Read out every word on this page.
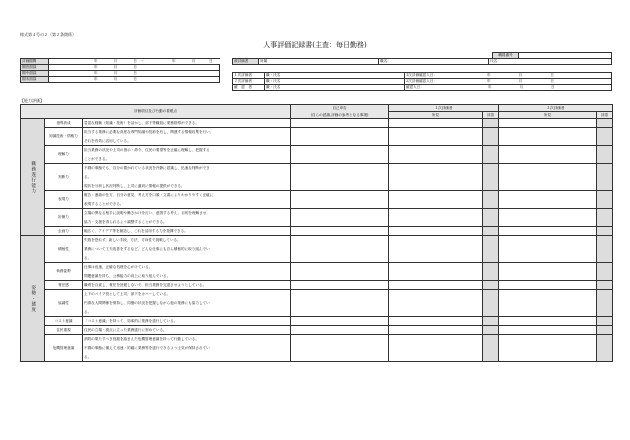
様式第４号の２（第２条関係）
人事評価記録書(主査：毎日勤務)
職員番号	
評価期間	年 月 日　～ 年 月 日
期首面談	年 月 日
期中面談	年 月 日
期末面談	年 月 日
被評価者	所属：	職名：	氏名：
１次評価者	職・氏名	1次評価確認入日： 年 月 日
２次評価者	職・氏名	2次評価確認入日： 年 月 日
確　認　者	職・氏名	確認入日： 年 月 日
【能力評価】
評価項目及び行動の着眼点			自己申告	１次評価者		２次評価者	
			(自らの認識,評価の参考となる事項)	所見	評語	所見	評語
職務遂行能力	指導育成	豊富な経験（知識・技術）を活かし、部下等職員に業務指導ができる。					
	知識技術・情報力	担当する業務に必要な高度な専門知識や技術を有し、関連する情報収集を行い、					
		それを有効に活用している。					
	理解力	担当業務の状況や上司の指示・命令、住民の要望等を正確に理解し、把握する					
		ことができる。					
	判断力	不測の事態でも、自分の置かれている状況を冷静に認識し、迅速な判断ができ					
		る。					
		現状を分析し状況判断し、上司に適切に情報の提供ができる。					
	表現力	報告・連絡の仕方、自分の意見、考え方を口頭・文書によりわかりやすく正確に					
		表現することができる。					
	折衝力	立場の異なる相手に説明や働きかけを行い、意図する考え、目的を理解させ、					
		協力・支援を得られるよう調整することができる。					
	企画力	幅広く、アイデア等を創造し、これを活用する力を発揮できる。					
姿勢・態度	積極性	失敗を恐れず、新しい手段、方法、方向性で挑戦している。					
		業務について工夫改善をするなど、どんな仕事にも自ら積極的に取り組んでい					
		る。					
	執務姿勢	仕事は迅速、正確な処理を心がけている。					
		問題意識を持ち、公務能力の向上に取り組んでいる。					
	責任感	職責を自覚し、責任を回避しないで、担当業務を完遂させようとしている。					
	協調性	上下のパイプ役として上司、部下をカバーしている。					
		円滑な人間関係を保持し、同僚の状況を把握しながら他の業務にも協力してい					
		る。					
	コスト意識	「コスト意識」を持って、効率的に業務を遂行している。					
	住民重視	住民の立場・視点に立った業務遂行に努めている。					
	危機管理意識	消防の果たすべき役割を踏まえた危機管理意識を持って行動している。					
		不測の事態に備えて迅速・的確に業務等を遂行できるよう士気が保持されてい					
		る。					
